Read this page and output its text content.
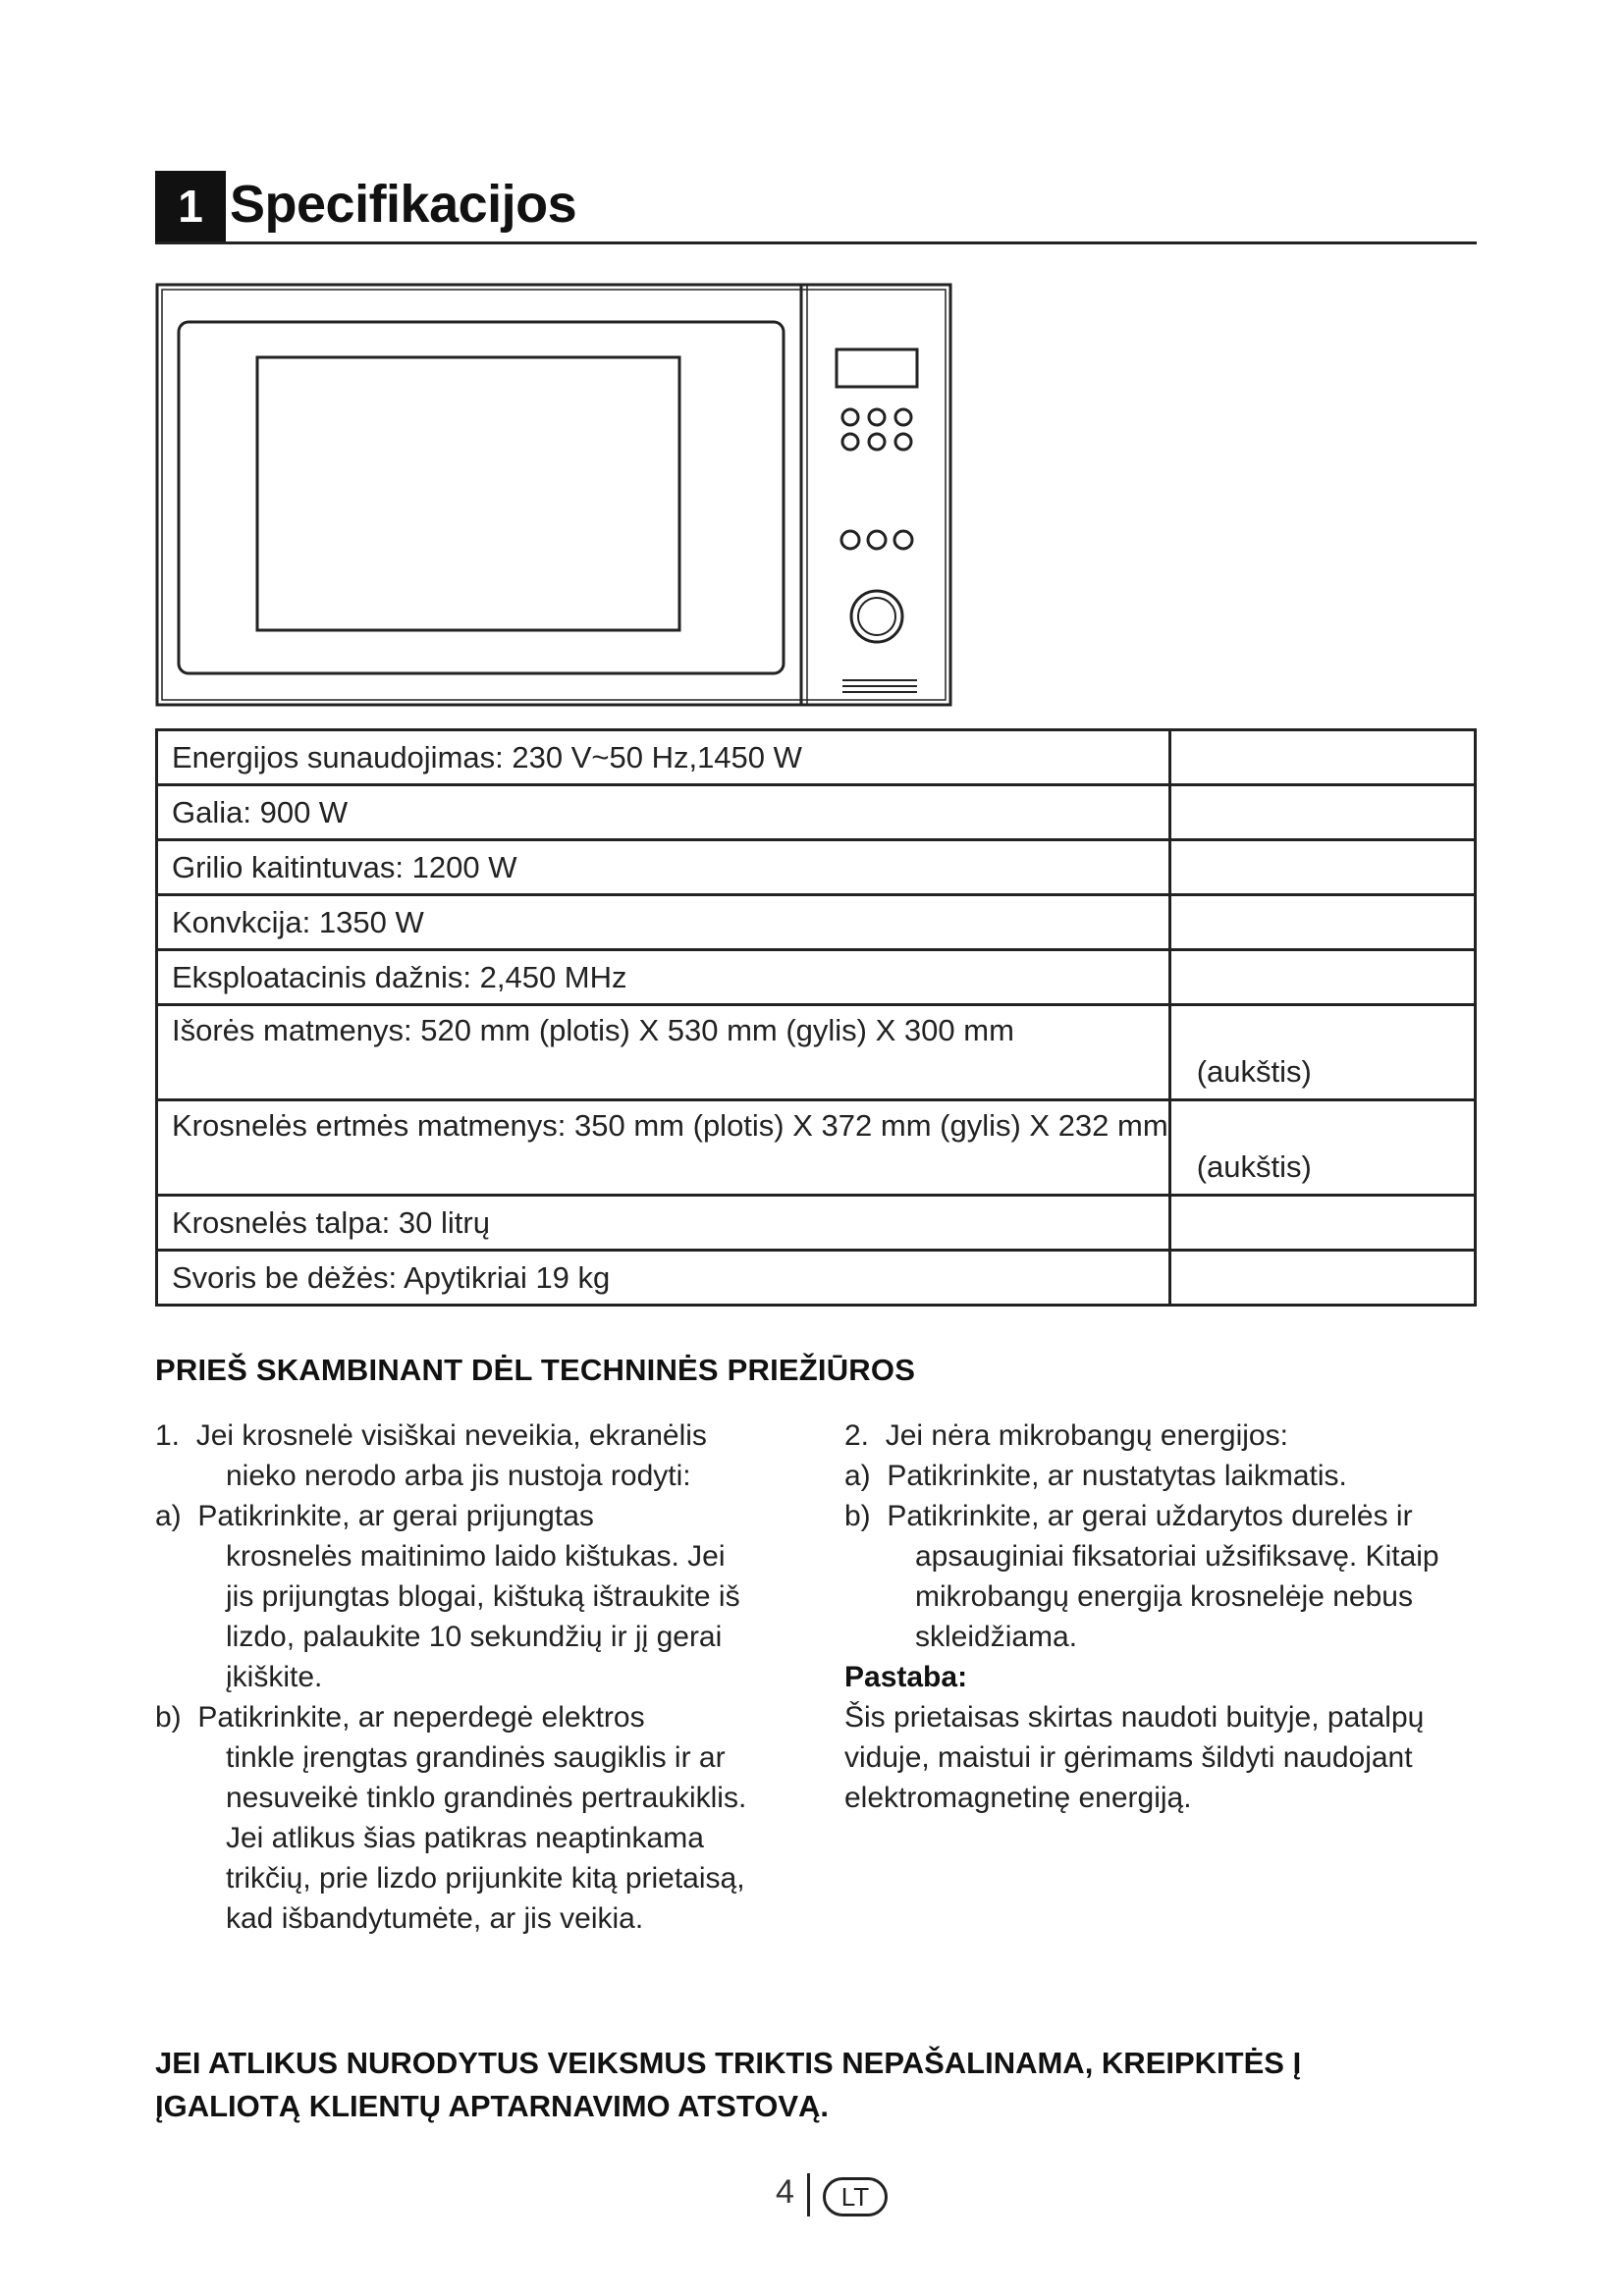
1 Specifikacijos
Energijos sunaudojimas: 230 V~50 Hz,1450 W	
Galia: 900 W	
Grilio kaitintuvas: 1200 W	
Konvkcija: 1350 W	
Eksploatacinis dažnis: 2,450 MHz	

Išorės matmenys: 520 mm (plotis) X 530 mm (gylis) X 300 mm	(aukštis)

Krosnelės ertmės matmenys: 350 mm (plotis) X 372 mm (gylis) X 232 mm	(aukštis)

Krosnelės talpa: 30 litrų	
Svoris be dėžės: Apytikriai 19 kg	
PRIEŠ SKAMBINANT DĖL TECHNINĖS PRIEŽIŪROS
1. Jei krosnelė visiškai neveikia, ekranėlis
nieko nerodo arba jis nustoja rodyti:
a) Patikrinkite, ar gerai prijungtas
krosnelės maitinimo laido kištukas. Jei
jis prijungtas blogai, kištuką ištraukite iš
lizdo, palaukite 10 sekundžių ir jį gerai
įkiškite.
b) Patikrinkite, ar neperdegė elektros
tinkle įrengtas grandinės saugiklis ir ar
nesuveikė tinklo grandinės pertraukiklis.
Jei atlikus šias patikras neaptinkama
trikčių, prie lizdo prijunkite kitą prietaisą,
kad išbandytumėte, ar jis veikia.
2. Jei nėra mikrobangų energijos:
a) Patikrinkite, ar nustatytas laikmatis.
b) Patikrinkite, ar gerai uždarytos durelės ir
apsauginiai fiksatoriai užsifiksavę. Kitaip
mikrobangų energija krosnelėje nebus
skleidžiama.
Pastaba:
Šis prietaisas skirtas naudoti buityje, patalpų
viduje, maistui ir gėrimams šildyti naudojant
elektromagnetinę energiją.
JEI ATLIKUS NURODYTUS VEIKSMUS TRIKTIS NEPAŠALINAMA, KREIPKITĖS Į
ĮGALIOTĄ KLIENTŲ APTARNAVIMO ATSTOVĄ.
4	LT
